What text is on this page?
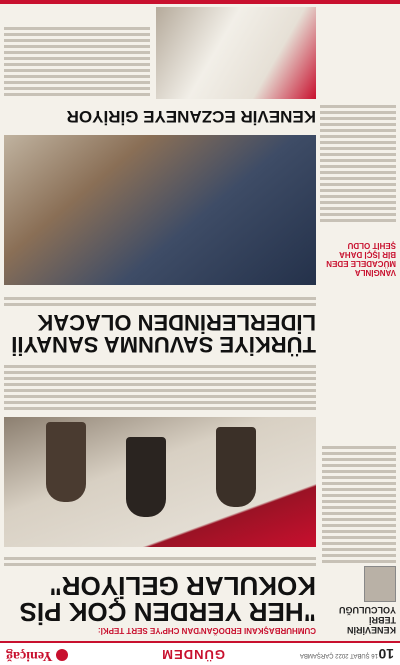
10
16 ŞUBAT 2022 ÇARŞAMBA
GÜNDEM
Yeniçağ
KENEVİRİN TEBRİ YOLCULUĞU
CUMHURBAŞKANI ERDOĞAN'DAN CHP'YE SERT TEPKİ:
"HER YERDEN ÇOK PİS KOKULAR GELİYOR"
TÜRKİYE SAVUNMA SANAYİİ LİDERLERİNDEN OLACAK
VANGİNLA MÜCADELE EDEN BİR İŞÇİ DAHA ŞEHİT OLDU
KENEVİR ECZANEYE GİRİYOR
